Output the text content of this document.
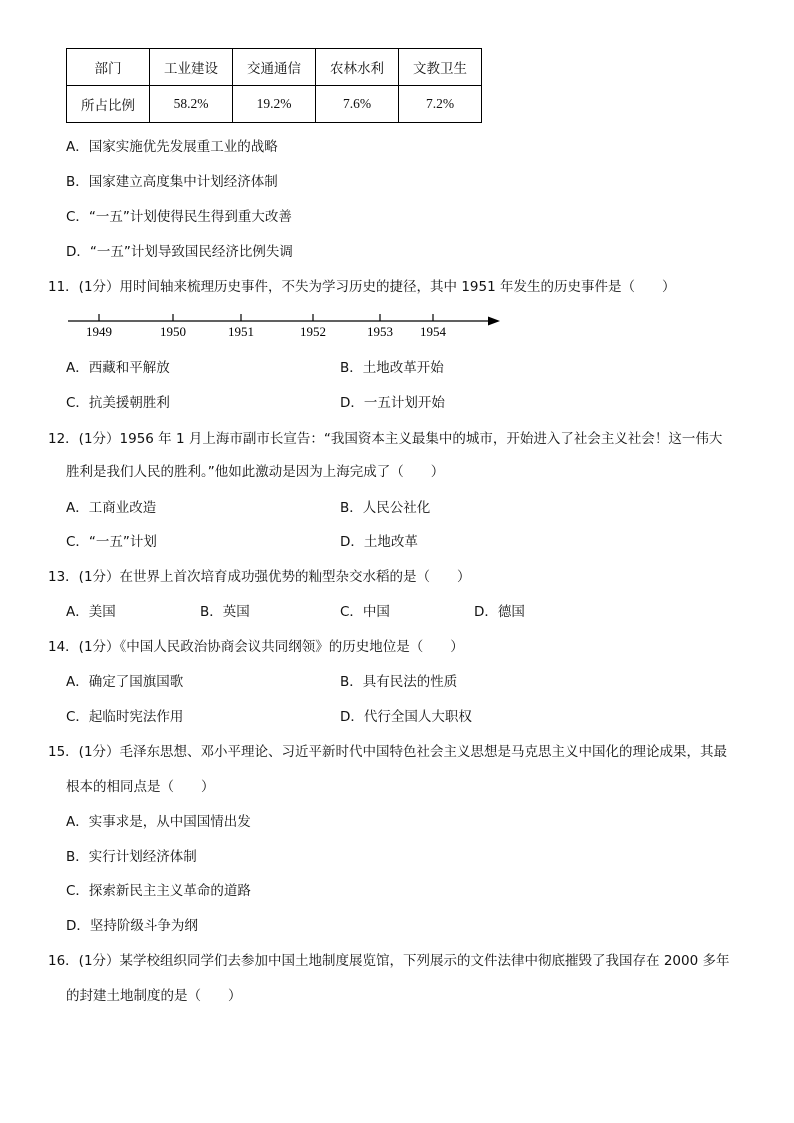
部门	工业建设	交通通信	农林水利	文教卫生
所占比例	58.2%	19.2%	7.6%	7.2%
A．国家实施优先发展重工业的战略
B．国家建立高度集中计划经济体制
C．“一五”计划使得民生得到重大改善
D．“一五”计划导致国民经济比例失调
11．(1分）用时间轴来梳理历史事件，不失为学习历史的捷径，其中 1951 年发生的历史事件是（　　）
1949	1950	1951	1952	1953 1954
A．西藏和平解放	B．土地改革开始
C．抗美援朝胜利	D．一五计划开始
12．(1分）1956 年 1 月上海市副市长宣告：“我国资本主义最集中的城市，开始进入了社会主义社会！这一伟大
胜利是我们人民的胜利。”他如此激动是因为上海完成了（　　）
A．工商业改造	B．人民公社化
C．“一五”计划	D．土地改革
13．(1分）在世界上首次培育成功强优势的籼型杂交水稻的是（　　）
A．美国	B．英国	C．中国	D．德国
14．(1分）《中国人民政治协商会议共同纲领》的历史地位是（　　）
A．确定了国旗国歌	B．具有民法的性质
C．起临时宪法作用	D．代行全国人大职权
15．(1分）毛泽东思想、邓小平理论、习近平新时代中国特色社会主义思想是马克思主义中国化的理论成果，其最
根本的相同点是（　　）
A．实事求是，从中国国情出发
B．实行计划经济体制
C．探索新民主主义革命的道路
D．坚持阶级斗争为纲
16．(1分）某学校组织同学们去参加中国土地制度展览馆，下列展示的文件法律中彻底摧毁了我国存在 2000 多年
的封建土地制度的是（　　）
